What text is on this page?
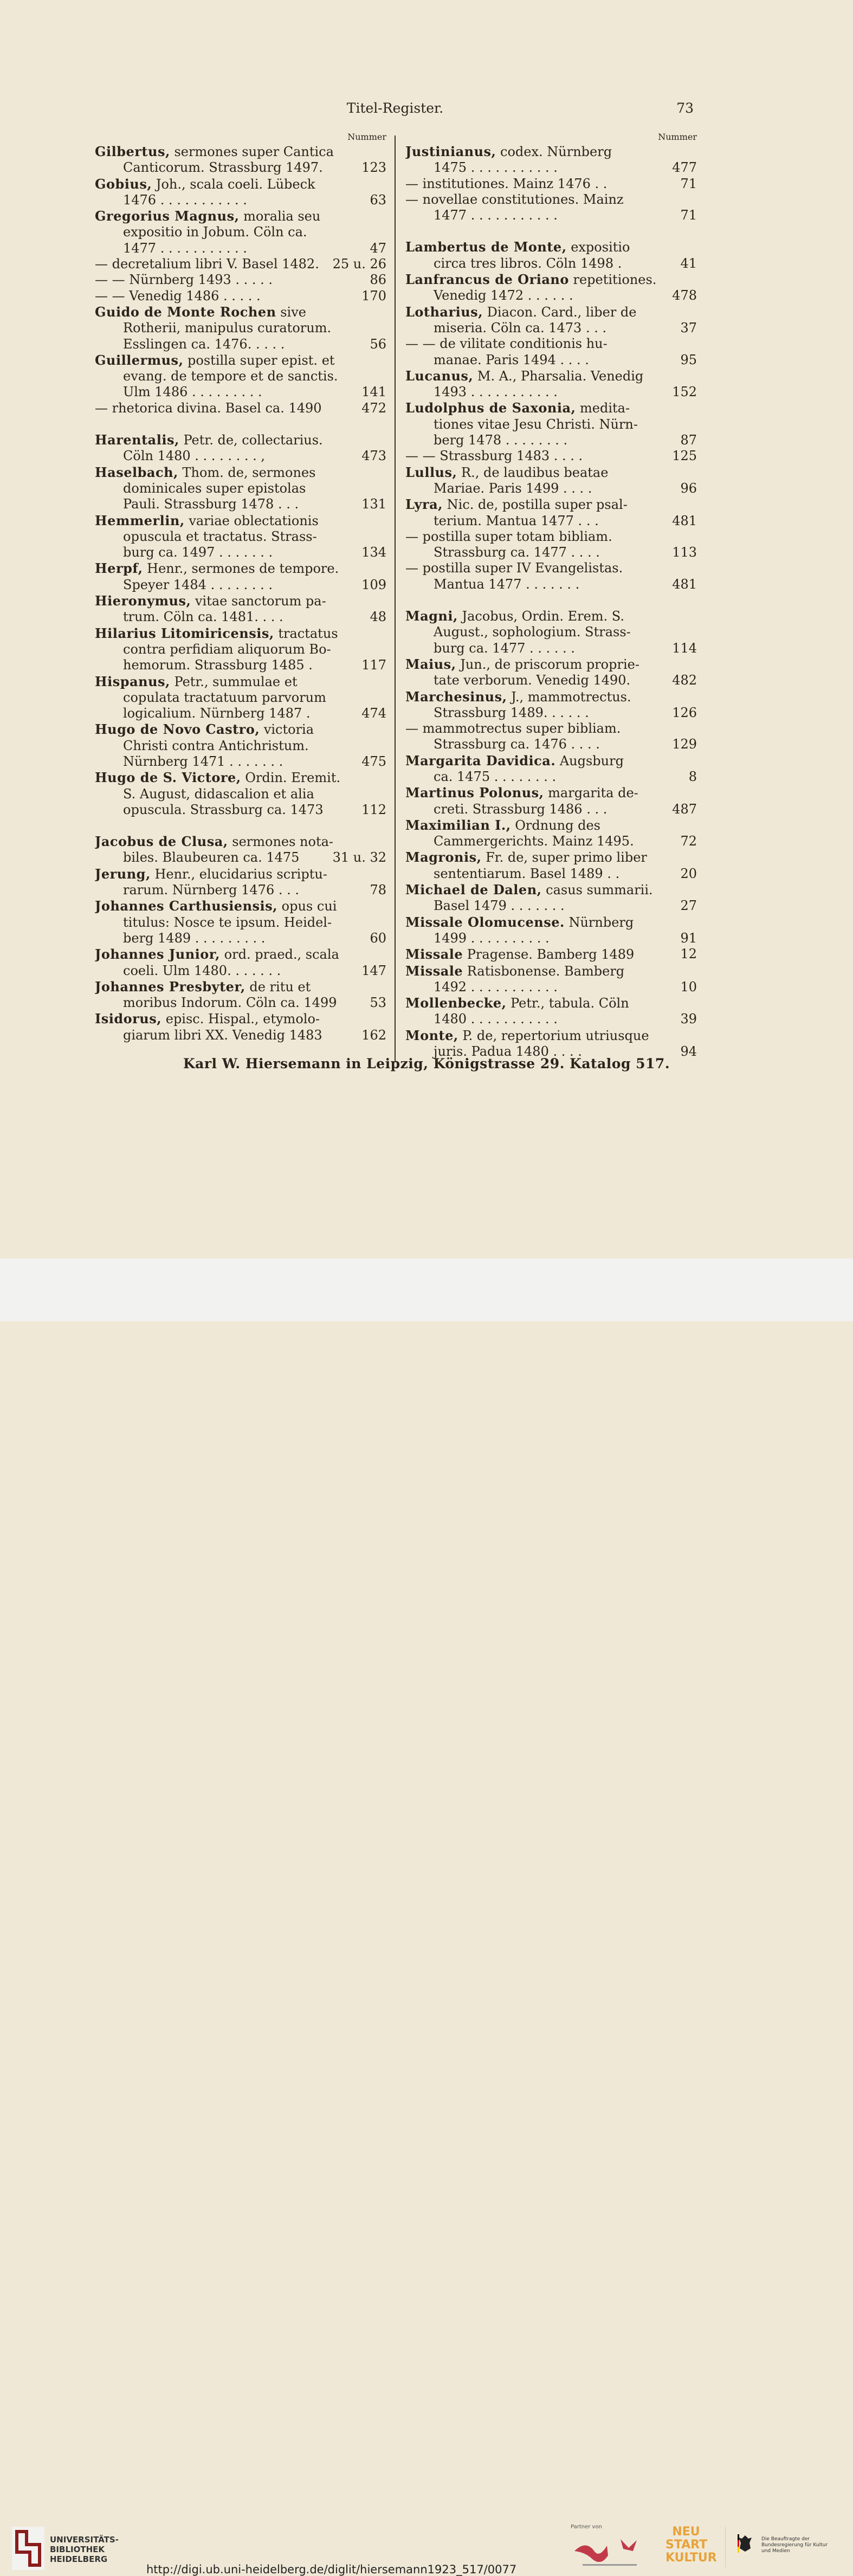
Titel-Register.	73
Nummer
Gilbertus, sermones super Cantica
Canticorum. Strassburg 1497.	123
Gobius, Joh., scala coeli. Lübeck
1476 . . . . . . . . . . .	63
Gregorius Magnus, moralia seu
expositio in Jobum. Cöln ca.
1477 . . . . . . . . . . .	47
— decretalium libri V. Basel 1482. 25 u. 26
— — Nürnberg 1493 . . . . .	86
— — Venedig 1486 . . . . .	170
Guido de Monte Rochen sive
Rotherii, manipulus curatorum.
Esslingen ca. 1476. . . . .	56
Guillermus, postilla super epist. et
evang. de tempore et de sanctis.
Ulm 1486 . . . . . . . . .	141
— rhetorica divina. Basel ca. 1490	472
Harentalis, Petr. de, collectarius.
Cöln 1480 . . . . . . . . ,	473
Haselbach, Thom. de, sermones
dominicales super epistolas
Pauli. Strassburg 1478 . . .	131
Hemmerlin, variae oblectationis
opuscula et tractatus. Strass-
burg ca. 1497 . . . . . . .	134
Herpf, Henr., sermones de tempore.
Speyer 1484 . . . . . . . .	109
Hieronymus, vitae sanctorum pa-
trum. Cöln ca. 1481. . . .	48
Hilarius Litomiricensis, tractatus
contra perfidiam aliquorum Bo-
hemorum. Strassburg 1485 .	117
Hispanus, Petr., summulae et
copulata tractatuum parvorum
logicalium. Nürnberg 1487 .	474
Hugo de Novo Castro, victoria
Christi contra Antichristum.
Nürnberg 1471 . . . . . . .	475
Hugo de S. Victore, Ordin. Eremit.
S. August, didascalion et alia
opuscula. Strassburg ca. 1473	112
Jacobus de Clusa, sermones nota-
biles. Blaubeuren ca. 1475	31 u. 32
Jerung, Henr., elucidarius scriptu-
rarum. Nürnberg 1476 . . .	78
Johannes Carthusiensis, opus cui
titulus: Nosce te ipsum. Heidel-
berg 1489 . . . . . . . . .	60
Johannes Junior, ord. praed., scala
coeli. Ulm 1480. . . . . . .	147
Johannes Presbyter, de ritu et
moribus Indorum. Cöln ca. 1499	53
Isidorus, episc. Hispal., etymolo-
giarum libri XX. Venedig 1483	162
Nummer
Justinianus, codex. Nürnberg
1475 . . . . . . . . . . .	477
— institutiones. Mainz 1476 . .	71
— novellae constitutiones. Mainz
1477 . . . . . . . . . . .	71
Lambertus de Monte, expositio
circa tres libros. Cöln 1498 .	41
Lanfrancus de Oriano repetitiones.
Venedig 1472 . . . . . .	478
Lotharius, Diacon. Card., liber de
miseria. Cöln ca. 1473 . . .	37
— — de vilitate conditionis hu-
manae. Paris 1494 . . . .	95
Lucanus, M. A., Pharsalia. Venedig
1493 . . . . . . . . . . .	152
Ludolphus de Saxonia, medita-
tiones vitae Jesu Christi. Nürn-
berg 1478 . . . . . . . .	87
— — Strassburg 1483 . . . .	125
Lullus, R., de laudibus beatae
Mariae. Paris 1499 . . . .	96
Lyra, Nic. de, postilla super psal-
terium. Mantua 1477 . . .	481
— postilla super totam bibliam.
Strassburg ca. 1477 . . . .	113
— postilla super IV Evangelistas.
Mantua 1477 . . . . . . .	481
Magni, Jacobus, Ordin. Erem. S.
August., sophologium. Strass-
burg ca. 1477 . . . . . .	114
Maius, Jun., de priscorum proprie-
tate verborum. Venedig 1490.	482
Marchesinus, J., mammotrectus.
Strassburg 1489. . . . . .	126
— mammotrectus super bibliam.
Strassburg ca. 1476 . . . .	129
Margarita Davidica. Augsburg
ca. 1475 . . . . . . . .	8
Martinus Polonus, margarita de-
creti. Strassburg 1486 . . .	487
Maximilian I., Ordnung des
Cammergerichts. Mainz 1495.	72
Magronis, Fr. de, super primo liber
sententiarum. Basel 1489 . .	20
Michael de Dalen, casus summarii.
Basel 1479 . . . . . . .	27
Missale Olomucense. Nürnberg
1499 . . . . . . . . . .	91
Missale Pragense. Bamberg 1489	12
Missale Ratisbonense. Bamberg
1492 . . . . . . . . . . .	10
Mollenbecke, Petr., tabula. Cöln
1480 . . . . . . . . . . .	39
Monte, P. de, repertorium utriusque
juris. Padua 1480 . . . .	94
Karl W. Hiersemann in Leipzig, Königstrasse 29. Katalog 517.
UNIVERSITÄTS-
BIBLIOTHEK
HEIDELBERG
http://digi.ub.uni-heidelberg.de/diglit/hiersemann1923_517/0077
Partner von	NEU
START
KULTUR
Die Beauftragte der Bundesregierung für Kultur und Medien
